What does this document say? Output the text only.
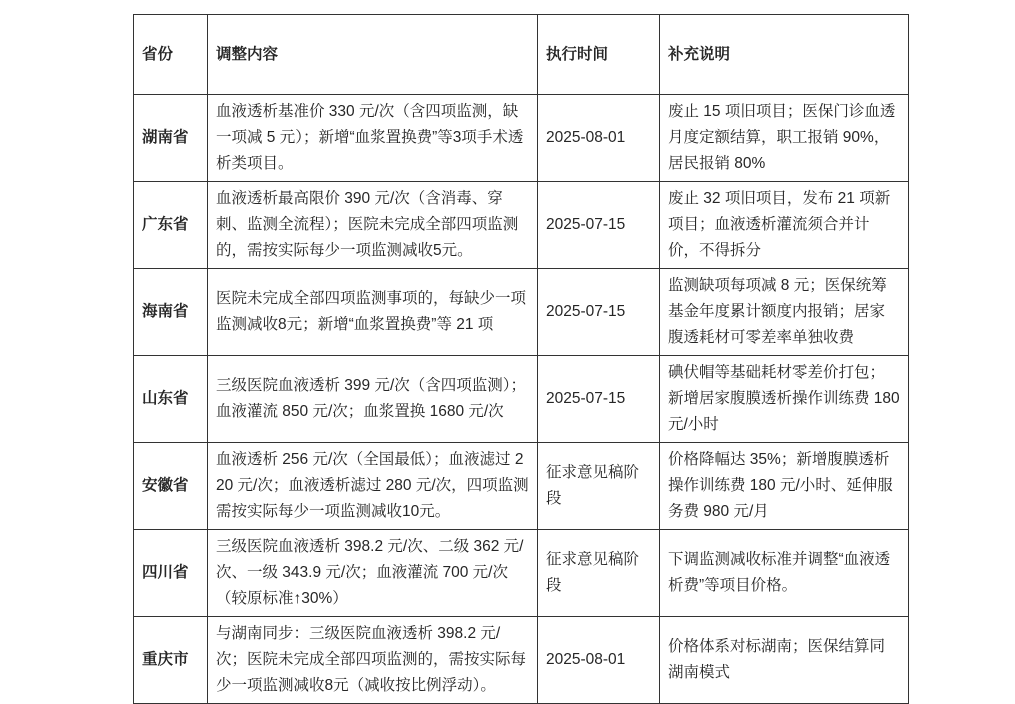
省份	调整内容	执行时间	补充说明
湖南省	血液透析基准价 330 元/次（含四项监测，缺一项减 5 元）；新增“血浆置换费”等3项手术透析类项目。	2025-08-01	废止 15 项旧项目；医保门诊血透月度定额结算，职工报销 90%，居民报销 80%
广东省	血液透析最高限价 390 元/次（含消毒、穿刺、监测全流程）；医院未完成全部四项监测的，需按实际每少一项监测减收5元。	2025-07-15	废止 32 项旧项目，发布 21 项新项目；血液透析灌流须合并计价，不得拆分
海南省	医院未完成全部四项监测事项的，每缺少一项监测减收8元；新增“血浆置换费”等 21 项	2025-07-15	监测缺项每项减 8 元；医保统筹基金年度累计额度内报销；居家腹透耗材可零差率单独收费
山东省	三级医院血液透析 399 元/次（含四项监测）；血液灌流 850 元/次；血浆置换 1680 元/次	2025-07-15	碘伏帽等基础耗材零差价打包；新增居家腹膜透析操作训练费 180 元/小时
安徽省	血液透析 256 元/次（全国最低）；血液滤过 220 元/次；血液透析滤过 280 元/次，四项监测需按实际每少一项监测减收10元。	征求意见稿阶段	价格降幅达 35%；新增腹膜透析操作训练费 180 元/小时、延伸服务费 980 元/月
四川省	三级医院血液透析 398.2 元/次、二级 362 元/次、一级 343.9 元/次；血液灌流 700 元/次（较原标准↑30%）	征求意见稿阶段	下调监测减收标准并调整“血液透析费”等项目价格。
重庆市	与湖南同步：三级医院血液透析 398.2 元/次；医院未完成全部四项监测的，需按实际每少一项监测减收8元（减收按比例浮动）。	2025-08-01	价格体系对标湖南；医保结算同湖南模式
